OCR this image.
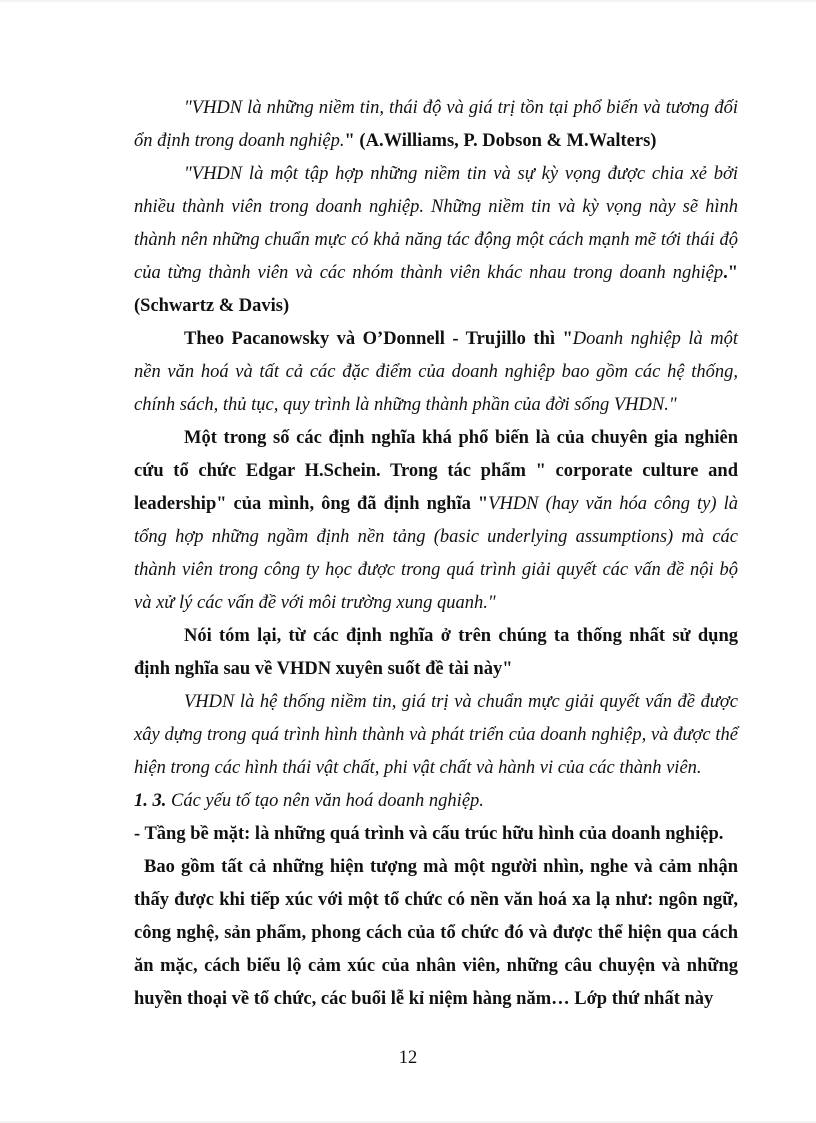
"VHDN là những niềm tin, thái độ và giá trị tồn tại phổ biến và tương đối ổn định trong doanh nghiệp." (A.Williams, P. Dobson & M.Walters)

"VHDN là một tập hợp những niềm tin và sự kỳ vọng được chia xẻ bởi nhiều thành viên trong doanh nghiệp. Những niềm tin và kỳ vọng này sẽ hình thành nên những chuẩn mực có khả năng tác động một cách mạnh mẽ tới thái độ của từng thành viên và các nhóm thành viên khác nhau trong doanh nghiệp." (Schwartz & Davis)

Theo Pacanowsky và O’Donnell - Trujillo thì "Doanh nghiệp là một nền văn hoá và tất cả các đặc điểm của doanh nghiệp bao gồm các hệ thống, chính sách, thủ tục, quy trình là những thành phần của đời sống VHDN."

Một trong số các định nghĩa khá phổ biến là của chuyên gia nghiên cứu tổ chức Edgar H.Schein. Trong tác phẩm " corporate culture and leadership" của mình, ông đã định nghĩa "VHDN (hay văn hóa công ty) là tổng hợp những ngầm định nền tảng (basic underlying assumptions) mà các thành viên trong công ty học được trong quá trình giải quyết các vấn đề nội bộ và xử lý các vấn đề với môi trường xung quanh."

Nói tóm lại, từ các định nghĩa ở trên chúng ta thống nhất sử dụng định nghĩa sau về VHDN xuyên suốt đề tài này"

VHDN là hệ thống niềm tin, giá trị và chuẩn mực giải quyết vấn đề được xây dựng trong quá trình hình thành và phát triển của doanh nghiệp, và được thể hiện trong các hình thái vật chất, phi vật chất và hành vi của các thành viên.

1. 3. Các yếu tố tạo nên văn hoá doanh nghiệp.

- Tầng bề mặt: là những quá trình và cấu trúc hữu hình của doanh nghiệp.

Bao gồm tất cả những hiện tượng mà một người nhìn, nghe và cảm nhận thấy được khi tiếp xúc với một tổ chức có nền văn hoá xa lạ như: ngôn ngữ, công nghệ, sản phẩm, phong cách của tổ chức đó và được thể hiện qua cách ăn mặc, cách biểu lộ cảm xúc của nhân viên, những câu chuyện và những huyền thoại về tổ chức, các buổi lễ kỉ niệm hàng năm… Lớp thứ nhất này

12
